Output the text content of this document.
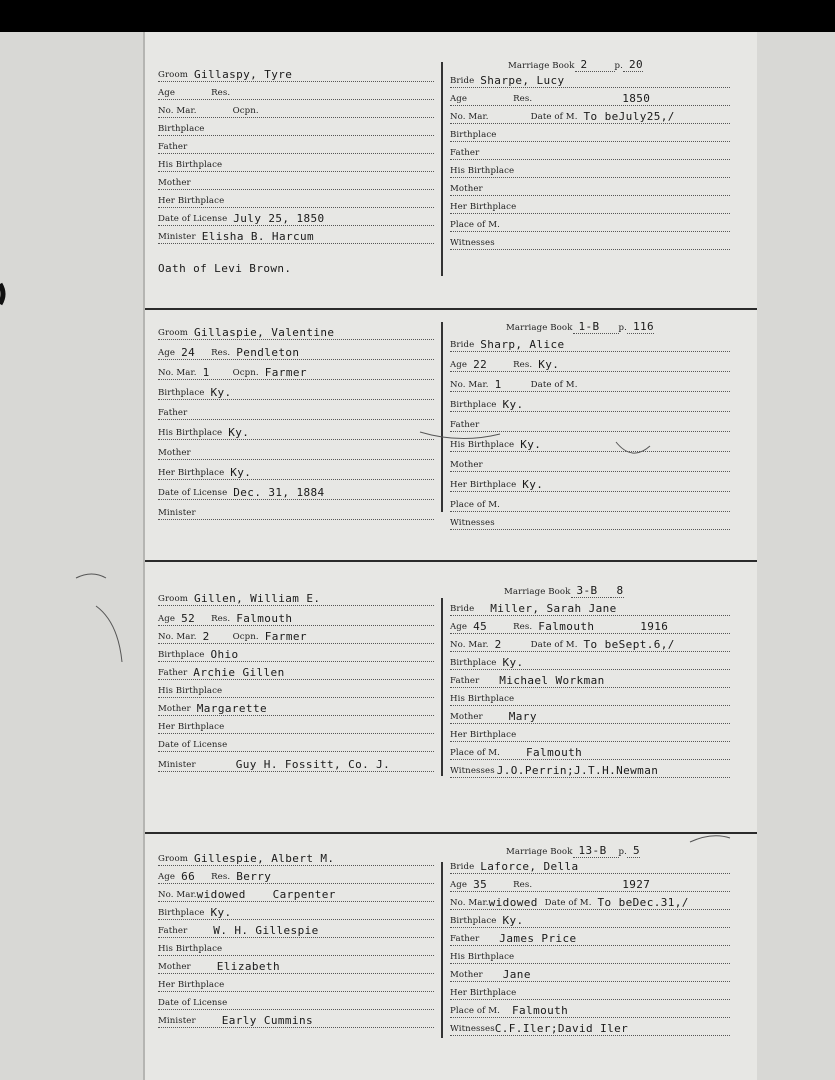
Groom Gillaspy, Tyre
Age	Res.
No. Mar.	Ocpn.
Birthplace
Father
His Birthplace
Mother
Her Birthplace
Date of License July 25, 1850
Minister Elisha B. Harcum
Oath of Levi Brown.
Marriage Book 2	p. 20
Bride Sharpe, Lucy
Age	Res.	1850
No. Mar.	Date of M. To beJuly25,/
Birthplace
Father
His Birthplace
Mother
Her Birthplace
Place of M.
Witnesses
Groom Gillaspie, Valentine
Age 24	Res. Pendleton
No. Mar. 1	Ocpn. Farmer
Birthplace Ky.
Father
His Birthplace Ky.
Mother
Her Birthplace Ky.
Date of License Dec. 31, 1884
Minister
Marriage Book 1-B	p. 116
Bride Sharp, Alice
Age 22	Res. Ky.
No. Mar. 1	Date of M.
Birthplace Ky.
Father
His Birthplace Ky.
Mother
Her Birthplace Ky.
Place of M.
Witnesses
Groom Gillen, William E.
Age 52	Res. Falmouth
No. Mar. 2	Ocpn. Farmer
Birthplace Ohio
Father Archie Gillen
His Birthplace
Mother Margarette
Her Birthplace
Date of License
Minister	Guy H. Fossitt, Co. J.
Marriage Book 3-B	8
Bride	Miller, Sarah Jane
Age 45	Res. Falmouth	1916
No. Mar. 2	Date of M. To beSept.6,/
Birthplace Ky.
Father	Michael Workman
His Birthplace
Mother	Mary
Her Birthplace
Place of M.	Falmouth
Witnesses J.O.Perrin;J.T.H.Newman
Groom Gillespie, Albert M.
Age 66	Res. Berry
No. Mar. widowed	Carpenter
Birthplace Ky.
Father	W. H. Gillespie
His Birthplace
Mother	Elizabeth
Her Birthplace
Date of License
Minister	Early Cummins
Marriage Book 13-B	p. 5
Bride Laforce, Della
Age 35	Res.	1927
No. Mar. widowed Date of M. To beDec.31,/
Birthplace Ky.
Father	James Price
His Birthplace
Mother	Jane
Her Birthplace
Place of M.	Falmouth
Witnesses C.F.Iler;David Iler
